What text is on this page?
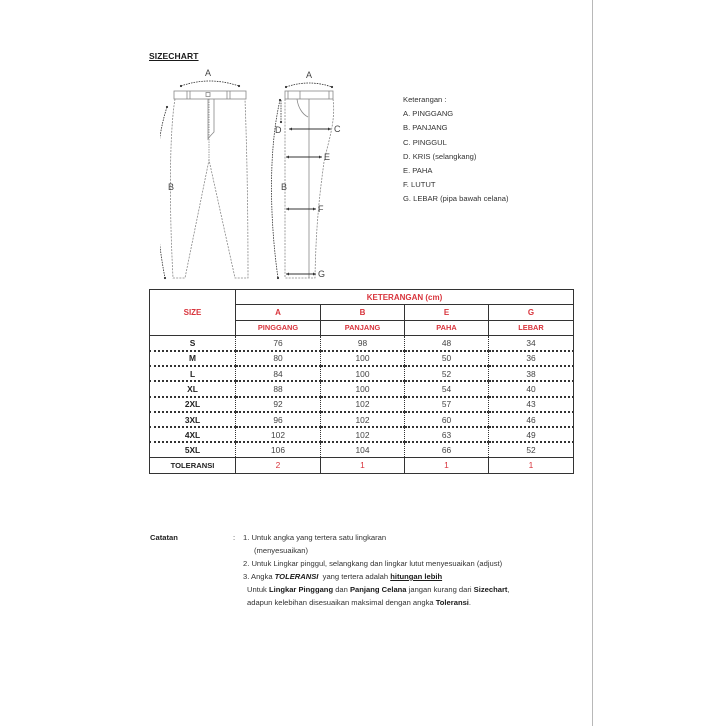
SIZECHART
A	A
B	B
C
D
E
F
G
Keterangan :
A. PINGGANG
B. PANJANG
C. PINGGUL
D. KRIS (selangkang)
E. PAHA
F. LUTUT
G. LEBAR (pipa bawah celana)
SIZE	KETERANGAN (cm)			
	A	B	E	G
	PINGGANG	PANJANG	PAHA	LEBAR
S	76	98	48	34
M	80	100	50	36
L	84	100	52	38
XL	88	100	54	40
2XL	92	102	57	43
3XL	96	102	60	46
4XL	102	102	63	49
5XL	106	104	66	52
TOLERANSI	2	1	1	1
Catatan	: 1. Untuk angka yang tertera satu lingkaran
(menyesuaikan)
2. Untuk Lingkar pinggul, selangkang dan lingkar lutut menyesuaikan (adjust)
3. Angka TOLERANSI  yang tertera adalah hitungan lebih
Untuk Lingkar Pinggang dan Panjang Celana jangan kurang dari Sizechart,
adapun kelebihan disesuaikan maksimal dengan angka Toleransi.
